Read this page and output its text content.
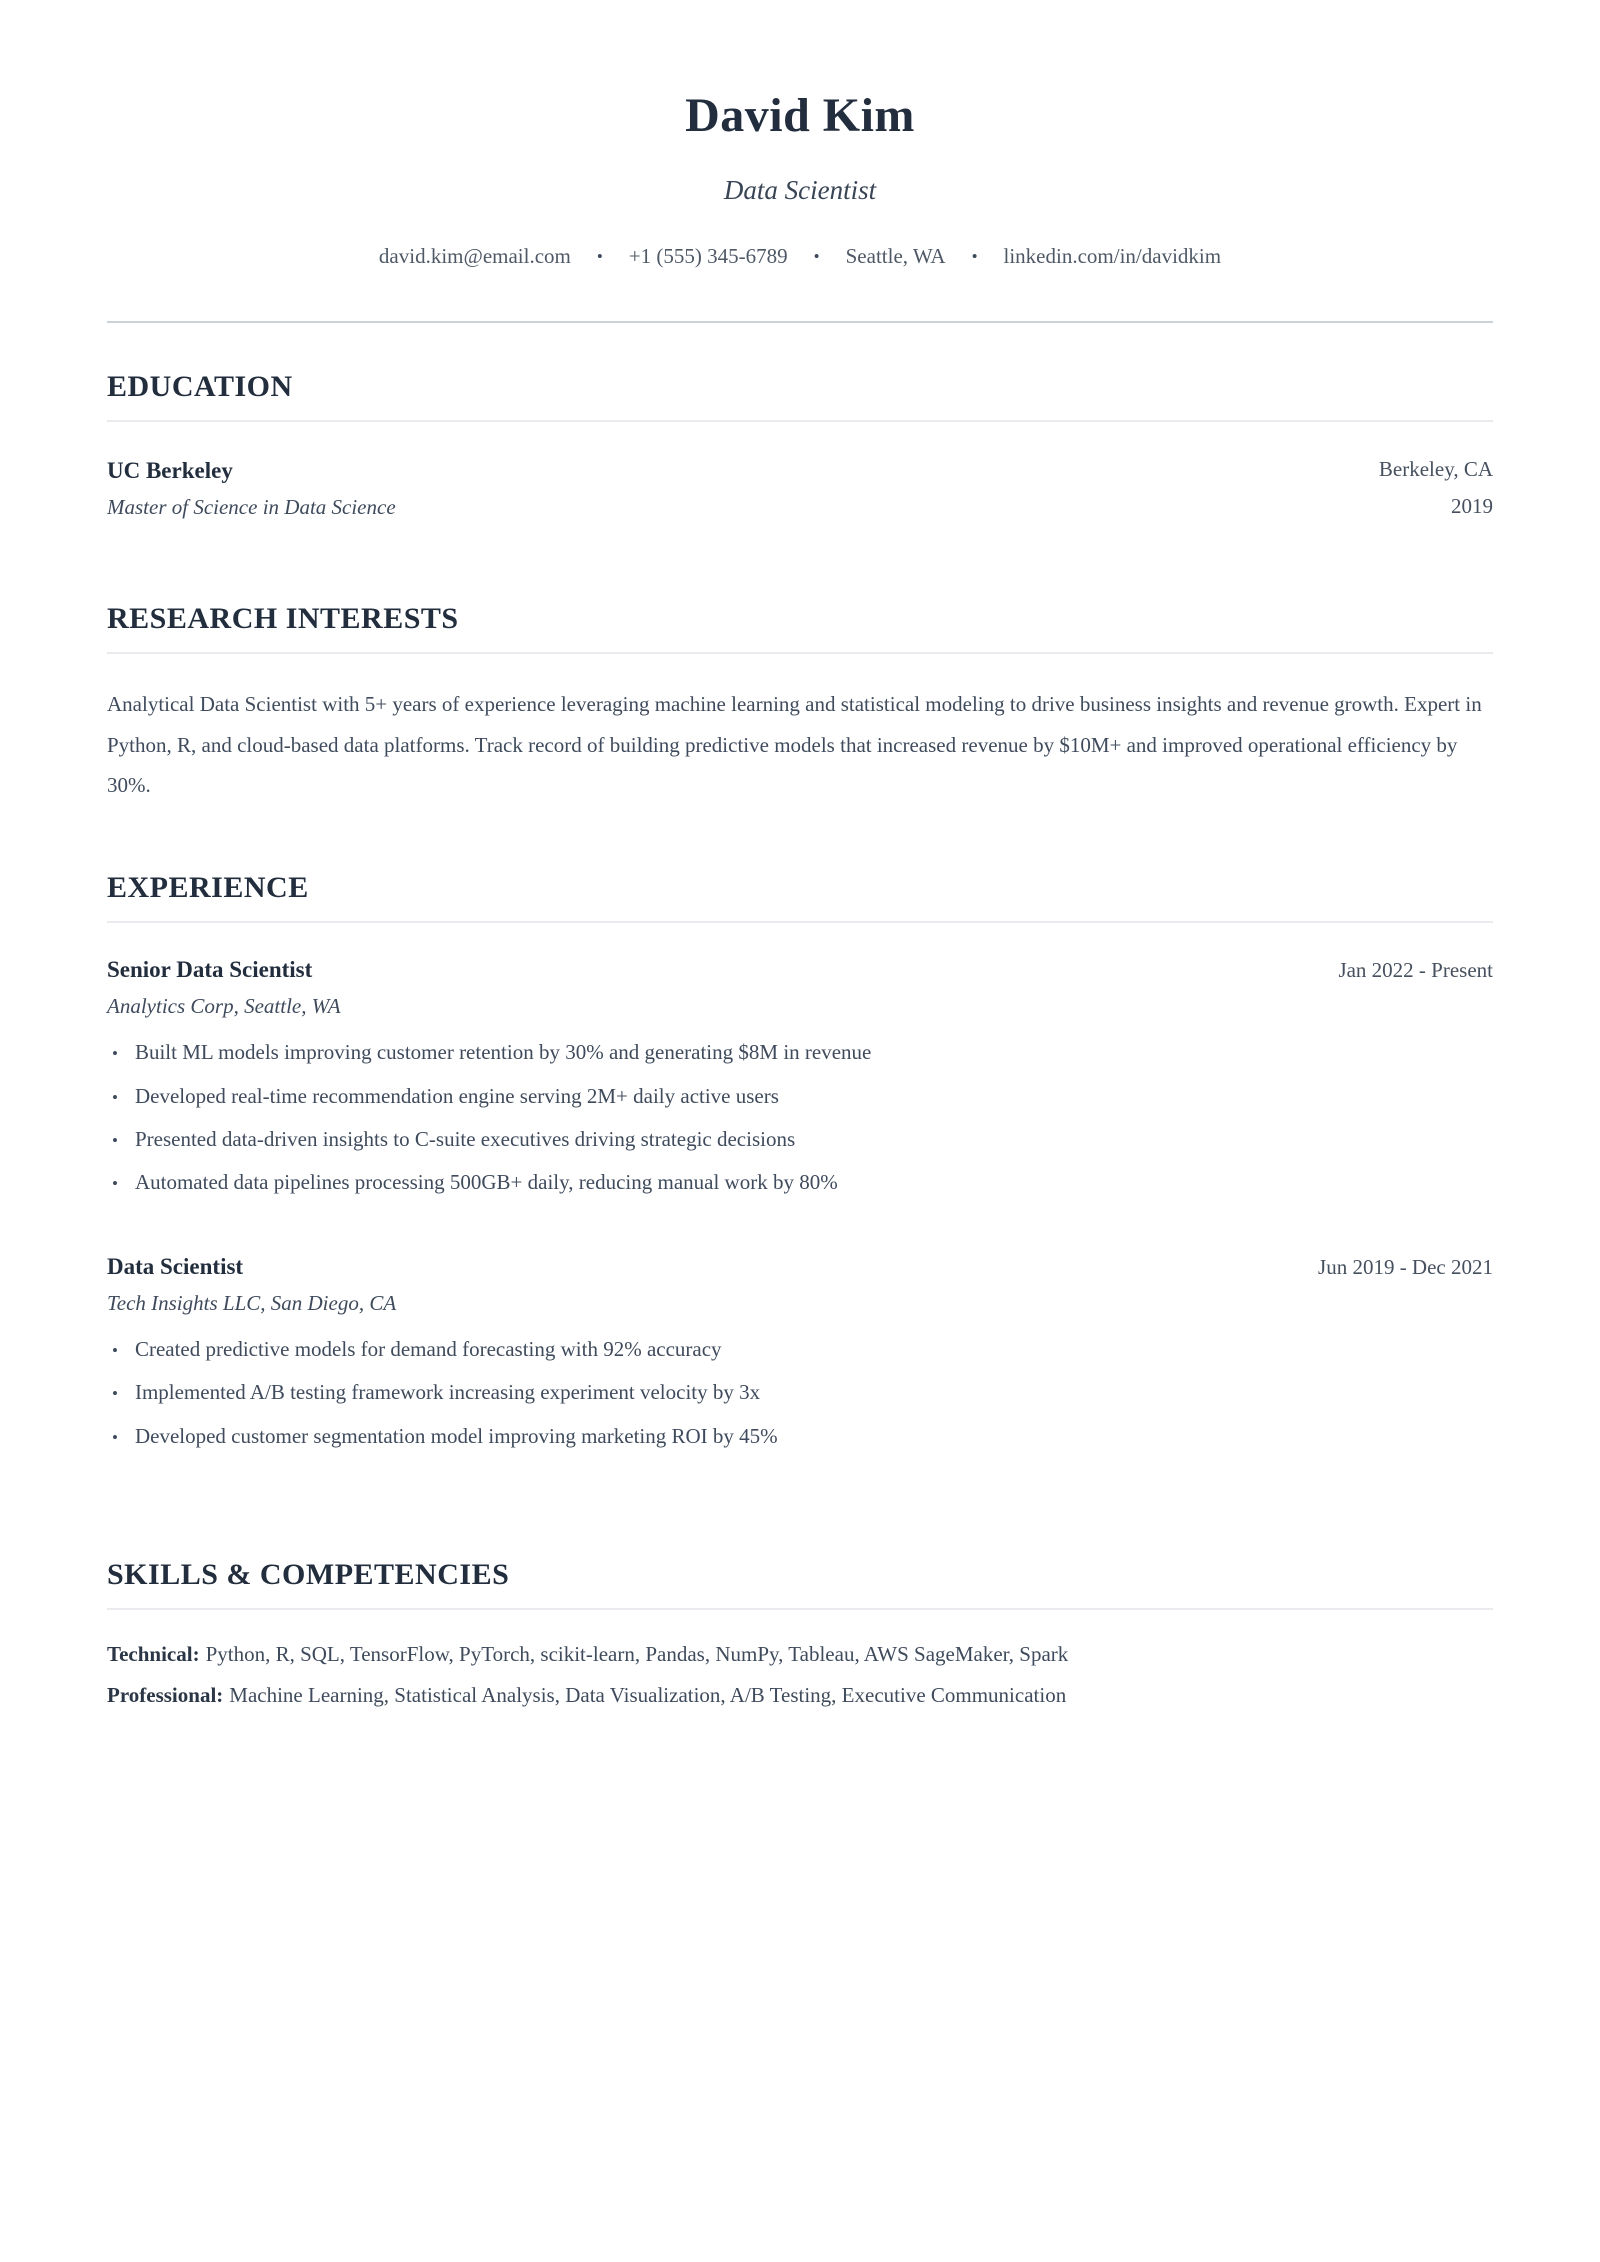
David Kim
Data Scientist
david.kim@email.com • +1 (555) 345-6789 • Seattle, WA • linkedin.com/in/davidkim
EDUCATION
UC Berkeley
Master of Science in Data Science
Berkeley, CA
2019
RESEARCH INTERESTS

Analytical Data Scientist with 5+ years of experience leveraging machine learning and statistical modeling to drive business insights and revenue growth. Expert in Python, R, and cloud-based data platforms. Track record of building predictive models that increased revenue by $10M+ and improved operational efficiency by 30%.

EXPERIENCE
Senior Data Scientist	Jan 2022 - Present
Analytics Corp, Seattle, WA
• Built ML models improving customer retention by 30% and generating $8M in revenue
• Developed real-time recommendation engine serving 2M+ daily active users
• Presented data-driven insights to C-suite executives driving strategic decisions
• Automated data pipelines processing 500GB+ daily, reducing manual work by 80%
Data Scientist	Jun 2019 - Dec 2021
Tech Insights LLC, San Diego, CA
• Created predictive models for demand forecasting with 92% accuracy
• Implemented A/B testing framework increasing experiment velocity by 3x
• Developed customer segmentation model improving marketing ROI by 45%
SKILLS & COMPETENCIES

Technical: Python, R, SQL, TensorFlow, PyTorch, scikit-learn, Pandas, NumPy, Tableau, AWS SageMaker, Spark

Professional: Machine Learning, Statistical Analysis, Data Visualization, A/B Testing, Executive Communication
